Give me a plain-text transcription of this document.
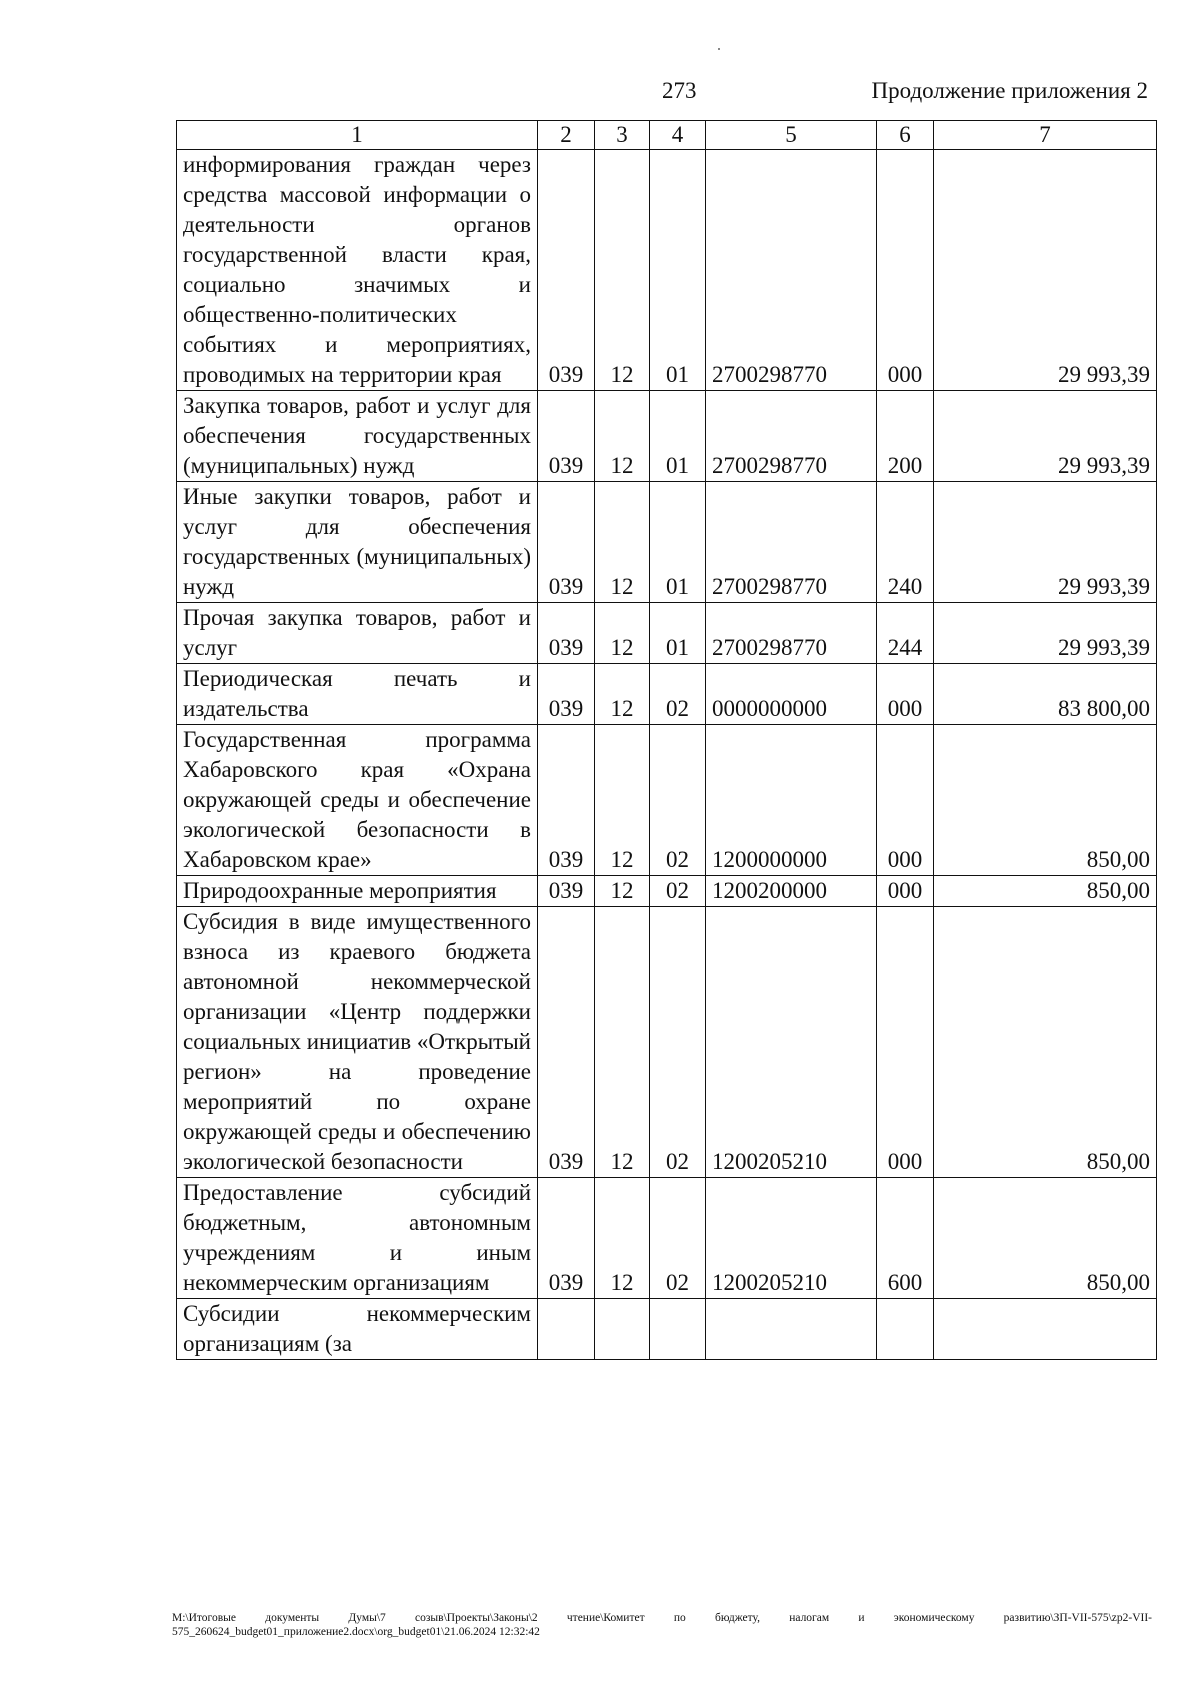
273	Продолжение приложения 2
1	2	3	4	5	6	7
информирования граждан через средства массовой информации о деятельности органов государственной власти края, социально значимых и общественно-политических событиях и мероприятиях, проводимых на территории края	039	12	01	2700298770	000	29 993,39
Закупка товаров, работ и услуг для обеспечения государственных (муниципальных) нужд	039	12	01	2700298770	200	29 993,39
Иные закупки товаров, работ и услуг для обеспечения государственных (муниципальных) нужд	039	12	01	2700298770	240	29 993,39
Прочая закупка товаров, работ и услуг	039	12	01	2700298770	244	29 993,39
Периодическая печать и издательства	039	12	02	0000000000	000	83 800,00
Государственная программа Хабаровского края «Охрана окружающей среды и обеспечение экологической безопасности в Хабаровском крае»	039	12	02	1200000000	000	850,00
Природоохранные мероприятия	039	12	02	1200200000	000	850,00
Субсидия в виде имущественного взноса из краевого бюджета автономной некоммерческой организации «Центр поддержки социальных инициатив «Открытый регион» на проведение мероприятий по охране окружающей среды и обеспечению экологической безопасности	039	12	02	1200205210	000	850,00
Предоставление субсидий бюджетным, автономным учреждениям и иным некоммерческим организациям	039	12	02	1200205210	600	850,00
Субсидии некоммерческим организациям (за						
M:\Итоговые документы Думы\7 созыв\Проекты\Законы\2 чтение\Комитет по бюджету, налогам и экономическому развитию\ЗП-VII-575\zp2-VII-575_260624_budget01_приложение2.docx\org_budget01\21.06.2024 12:32:42
